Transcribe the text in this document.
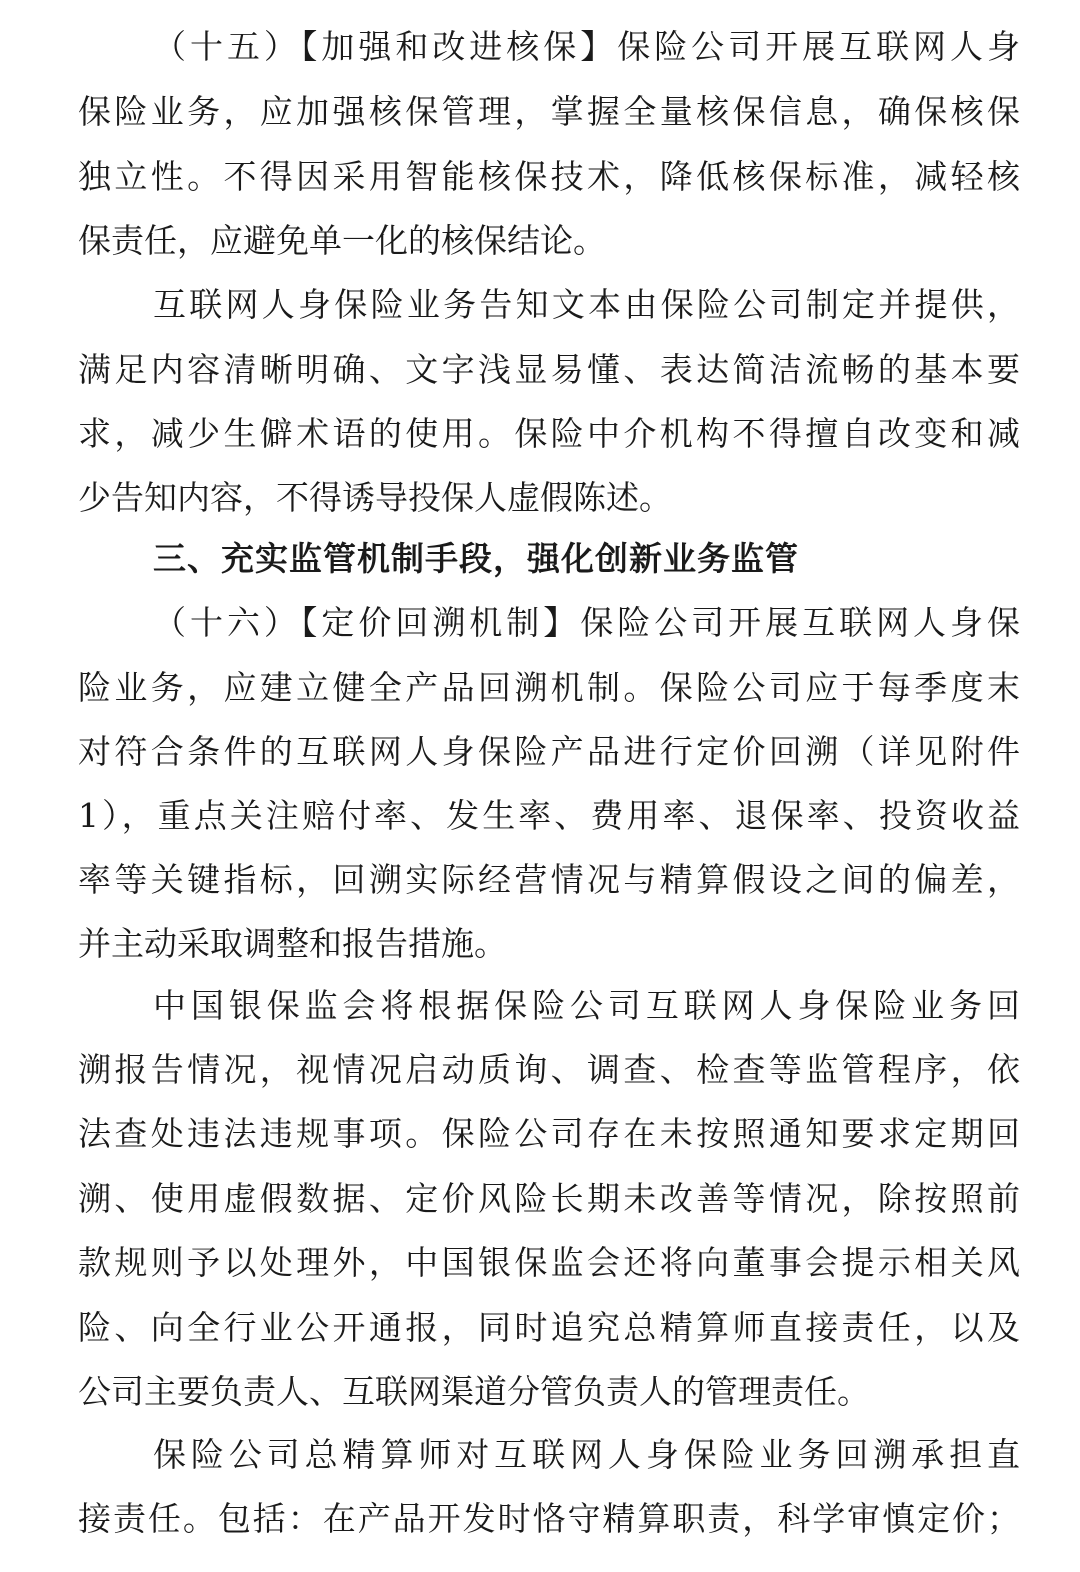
（十五）【加强和改进核保】保险公司开展互联网人身
保险业务，应加强核保管理，掌握全量核保信息，确保核保
独立性。不得因采用智能核保技术，降低核保标准，减轻核
保责任，应避免单一化的核保结论。
互联网人身保险业务告知文本由保险公司制定并提供，
满足内容清晰明确、文字浅显易懂、表达简洁流畅的基本要
求，减少生僻术语的使用。保险中介机构不得擅自改变和减
少告知内容，不得诱导投保人虚假陈述。
三、充实监管机制手段，强化创新业务监管
（十六）【定价回溯机制】保险公司开展互联网人身保
险业务，应建立健全产品回溯机制。保险公司应于每季度末
对符合条件的互联网人身保险产品进行定价回溯（详见附件
1），重点关注赔付率、发生率、费用率、退保率、投资收益
率等关键指标，回溯实际经营情况与精算假设之间的偏差，
并主动采取调整和报告措施。
中国银保监会将根据保险公司互联网人身保险业务回
溯报告情况，视情况启动质询、调查、检查等监管程序，依
法查处违法违规事项。保险公司存在未按照通知要求定期回
溯、使用虚假数据、定价风险长期未改善等情况，除按照前
款规则予以处理外，中国银保监会还将向董事会提示相关风
险、向全行业公开通报，同时追究总精算师直接责任，以及
公司主要负责人、互联网渠道分管负责人的管理责任。
保险公司总精算师对互联网人身保险业务回溯承担直
接责任。包括：在产品开发时恪守精算职责，科学审慎定价；
